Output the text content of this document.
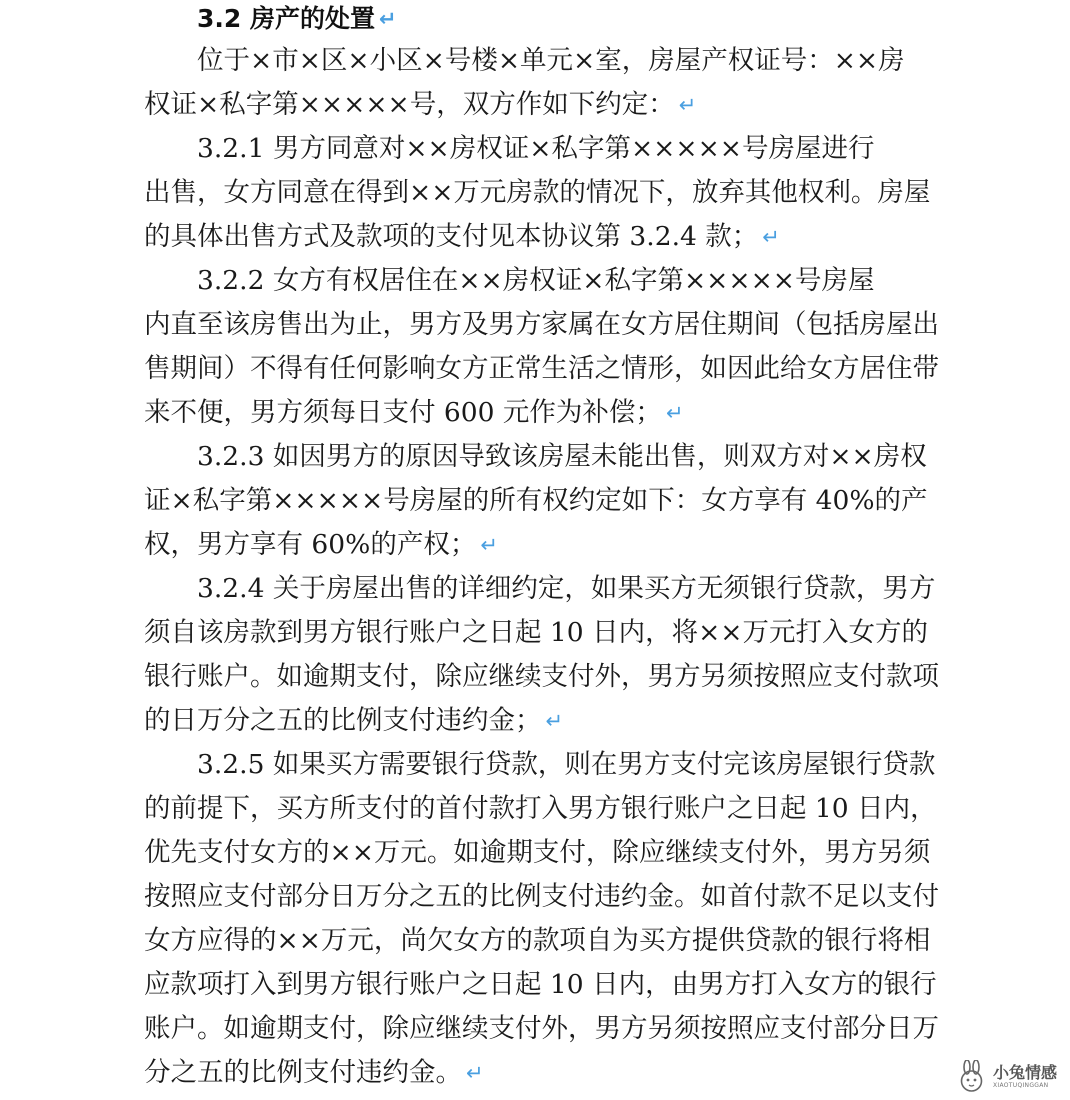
3.2 房产的处置 ↵
位于×市×区×小区×号楼×单元×室，房屋产权证号：××房
权证×私字第×××××号，双方作如下约定： ↵
3.2.1 男方同意对××房权证×私字第×××××号房屋进行
出售，女方同意在得到××万元房款的情况下，放弃其他权利。房屋
的具体出售方式及款项的支付见本协议第 3.2.4 款； ↵
3.2.2 女方有权居住在××房权证×私字第×××××号房屋
内直至该房售出为止，男方及男方家属在女方居住期间（包括房屋出
售期间）不得有任何影响女方正常生活之情形，如因此给女方居住带
来不便，男方须每日支付 600 元作为补偿； ↵
3.2.3 如因男方的原因导致该房屋未能出售，则双方对××房权
证×私字第×××××号房屋的所有权约定如下：女方享有 40%的产
权，男方享有 60%的产权； ↵
3.2.4 关于房屋出售的详细约定，如果买方无须银行贷款，男方
须自该房款到男方银行账户之日起 10 日内，将××万元打入女方的
银行账户。如逾期支付，除应继续支付外，男方另须按照应支付款项
的日万分之五的比例支付违约金； ↵
3.2.5 如果买方需要银行贷款，则在男方支付完该房屋银行贷款
的前提下，买方所支付的首付款打入男方银行账户之日起 10 日内，
优先支付女方的××万元。如逾期支付，除应继续支付外，男方另须
按照应支付部分日万分之五的比例支付违约金。如首付款不足以支付
女方应得的××万元，尚欠女方的款项自为买方提供贷款的银行将相
应款项打入到男方银行账户之日起 10 日内，由男方打入女方的银行
账户。如逾期支付，除应继续支付外，男方另须按照应支付部分日万
分之五的比例支付违约金。 ↵	小兔情感
XIAOTUQINGGAN
